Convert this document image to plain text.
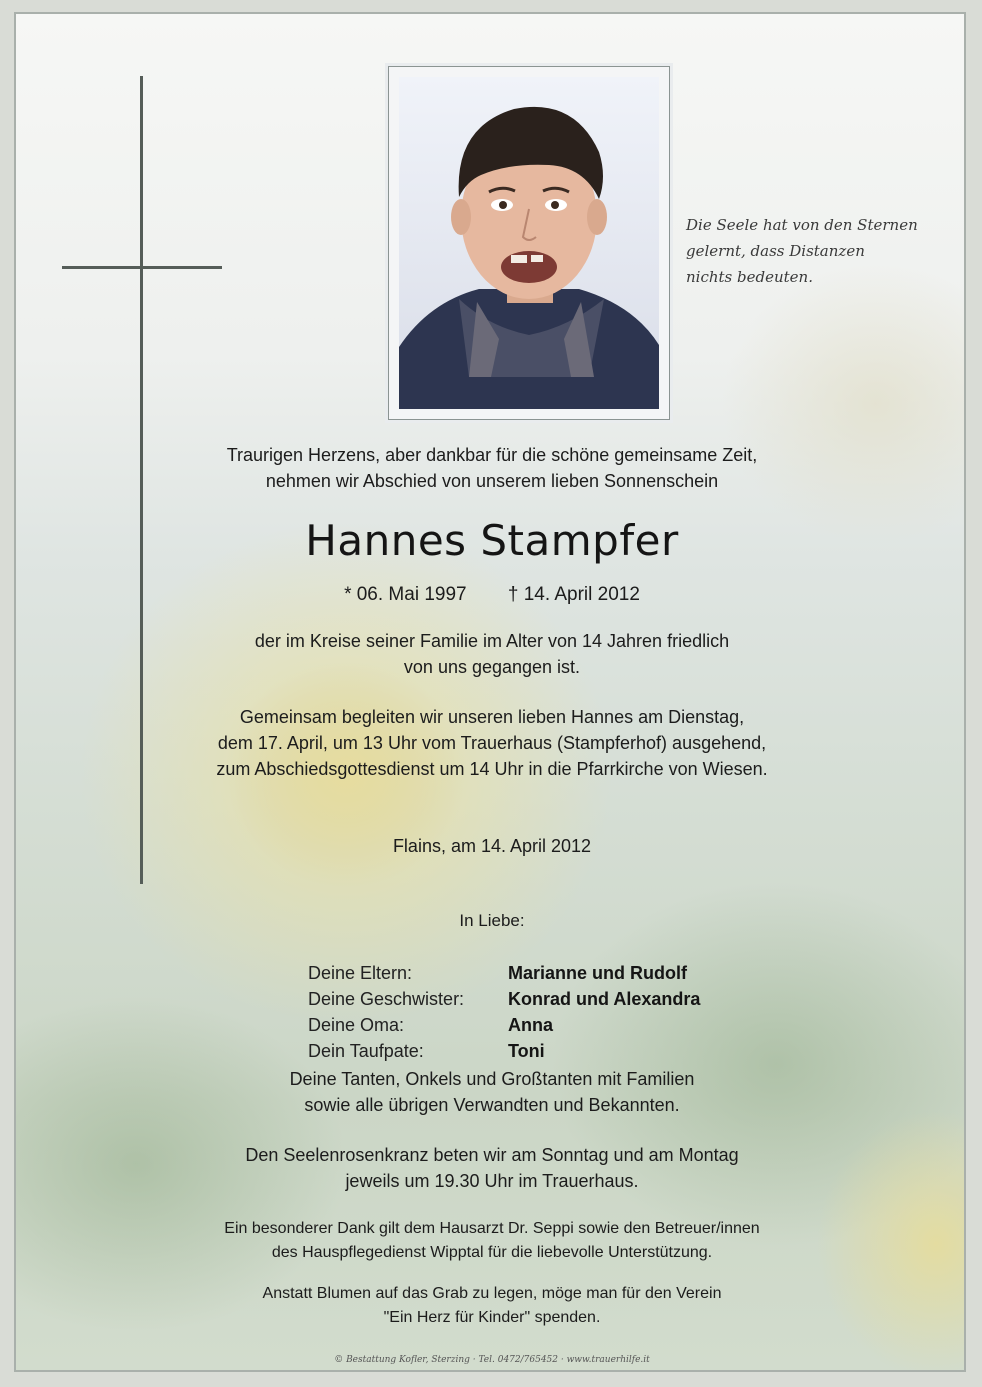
Die Seele hat von den Sternen
gelernt, dass Distanzen
nichts bedeuten.
Traurigen Herzens, aber dankbar für die schöne gemeinsame Zeit,
nehmen wir Abschied von unserem lieben Sonnenschein
Hannes Stampfer
* 06. Mai 1997 † 14. April 2012
der im Kreise seiner Familie im Alter von 14 Jahren friedlich
von uns gegangen ist.
Gemeinsam begleiten wir unseren lieben Hannes am Dienstag,
dem 17. April, um 13 Uhr vom Trauerhaus (Stampferhof) ausgehend,
zum Abschiedsgottesdienst um 14 Uhr in die Pfarrkirche von Wiesen.
Flains, am 14. April 2012
In Liebe:
Deine Eltern:	Marianne und Rudolf
Deine Geschwister:	Konrad und Alexandra
Deine Oma:	Anna
Dein Taufpate:	Toni
Deine Tanten, Onkels und Großtanten mit Familien
sowie alle übrigen Verwandten und Bekannten.
Den Seelenrosenkranz beten wir am Sonntag und am Montag
jeweils um 19.30 Uhr im Trauerhaus.
Ein besonderer Dank gilt dem Hausarzt Dr. Seppi sowie den Betreuer/innen
des Hauspflegedienst Wipptal für die liebevolle Unterstützung.
Anstatt Blumen auf das Grab zu legen, möge man für den Verein
"Ein Herz für Kinder" spenden.
© Bestattung Kofler, Sterzing · Tel. 0472/765452 · www.trauerhilfe.it
